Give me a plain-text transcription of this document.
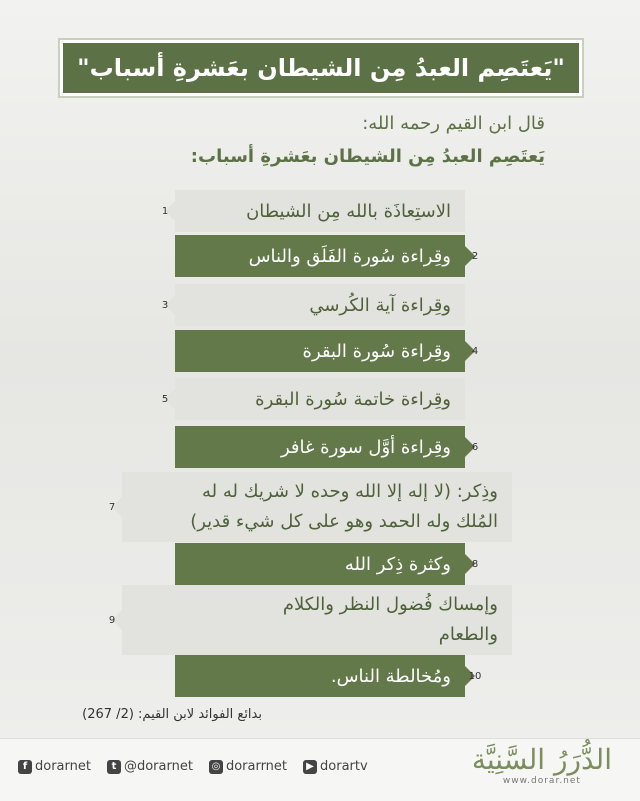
"يَعتَصِم العبدُ مِن الشيطان بعَشرةِ أسباب"
قال ابن القيم رحمه الله:
يَعتَصِم العبدُ مِن الشيطان بعَشرةِ أسباب:
الاستِعاذَة بالله مِن الشيطان
1
وقِراءة سُورة الفَلَق والناس 2
وقِراءة آية الكُرسي
3
وقِراءة سُورة البقرة 4
وقِراءة خاتمة سُورة البقرة
5
وقِراءة أوَّل سورة غافر 6
وذِكر: (لا إله إلا الله وحده لا شريك له له
المُلك وله الحمد وهو على كل شيء قدير)
7
وكثرة ذِكر الله 8
وإمساك فُضول النظر والكلام
والطعام
9
ومُخالطة الناس. 10
بدائع الفوائد لابن القيم: (2/ 267)
f dorarnet	t @dorarnet ◎ dorarrnet	▶ dorartv	الدُّرَرُ السَّنِيَّة
www.dorar.net
